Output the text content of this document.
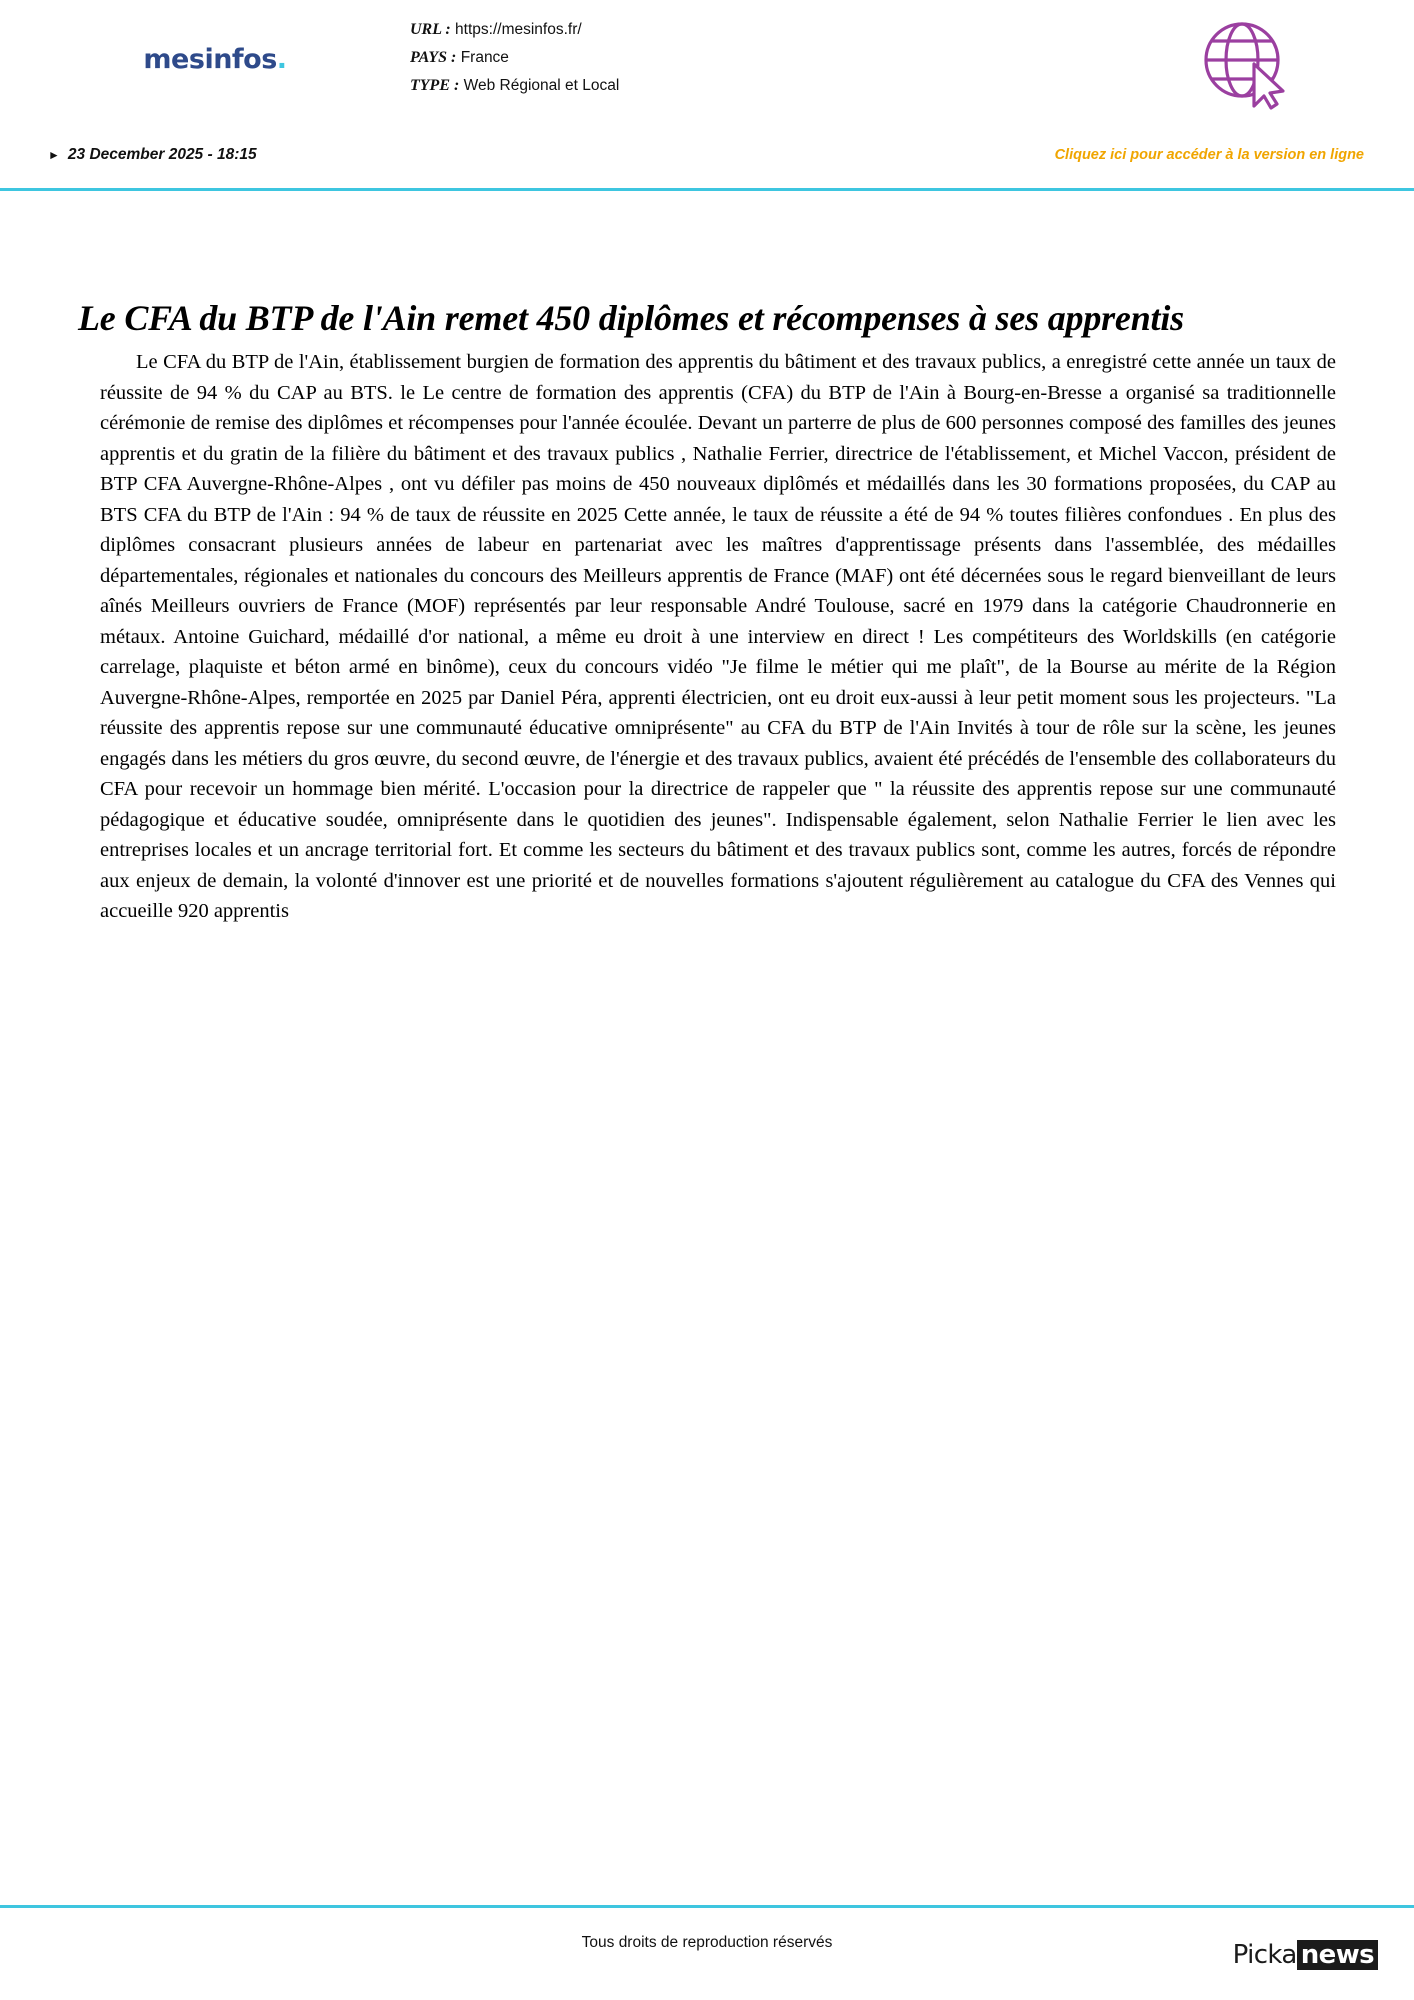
mesinfos.
URL : https://mesinfos.fr/
PAYS : France
TYPE : Web Régional et Local
► 23 December 2025 - 18:15	Cliquez ici pour accéder à la version en ligne
Le CFA du BTP de l'Ain remet 450 diplômes et récompenses à ses apprentis

Le CFA du BTP de l'Ain, établissement burgien de formation des apprentis du bâtiment et des travaux publics, a enregistré cette année un taux de réussite de 94 % du CAP au BTS. le Le centre de formation des apprentis (CFA) du BTP de l'Ain à Bourg-en-Bresse a organisé sa traditionnelle cérémonie de remise des diplômes et récompenses pour l'année écoulée. Devant un parterre de plus de 600 personnes composé des familles des jeunes apprentis et du gratin de la filière du bâtiment et des travaux publics , Nathalie Ferrier, directrice de l'établissement, et Michel Vaccon, président de BTP CFA Auvergne-Rhône-Alpes , ont vu défiler pas moins de 450 nouveaux diplômés et médaillés dans les 30 formations proposées, du CAP au BTS CFA du BTP de l'Ain : 94 % de taux de réussite en 2025 Cette année, le taux de réussite a été de 94 % toutes filières confondues . En plus des diplômes consacrant plusieurs années de labeur en partenariat avec les maîtres d'apprentissage présents dans l'assemblée, des médailles départementales, régionales et nationales du concours des Meilleurs apprentis de France (MAF) ont été décernées sous le regard bienveillant de leurs aînés Meilleurs ouvriers de France (MOF) représentés par leur responsable André Toulouse, sacré en 1979 dans la catégorie Chaudronnerie en métaux. Antoine Guichard, médaillé d'or national, a même eu droit à une interview en direct ! Les compétiteurs des Worldskills (en catégorie carrelage, plaquiste et béton armé en binôme), ceux du concours vidéo "Je filme le métier qui me plaît", de la Bourse au mérite de la Région Auvergne-Rhône-Alpes, remportée en 2025 par Daniel Péra, apprenti électricien, ont eu droit eux-aussi à leur petit moment sous les projecteurs. "La réussite des apprentis repose sur une communauté éducative omniprésente" au CFA du BTP de l'Ain Invités à tour de rôle sur la scène, les jeunes engagés dans les métiers du gros œuvre, du second œuvre, de l'énergie et des travaux publics, avaient été précédés de l'ensemble des collaborateurs du CFA pour recevoir un hommage bien mérité. L'occasion pour la directrice de rappeler que " la réussite des apprentis repose sur une communauté pédagogique et éducative soudée, omniprésente dans le quotidien des jeunes". Indispensable également, selon Nathalie Ferrier le lien avec les entreprises locales et un ancrage territorial fort. Et comme les secteurs du bâtiment et des travaux publics sont, comme les autres, forcés de répondre aux enjeux de demain, la volonté d'innover est une priorité et de nouvelles formations s'ajoutent régulièrement au catalogue du CFA des Vennes qui accueille 920 apprentis

Tous droits de reproduction réservés	Picka news
